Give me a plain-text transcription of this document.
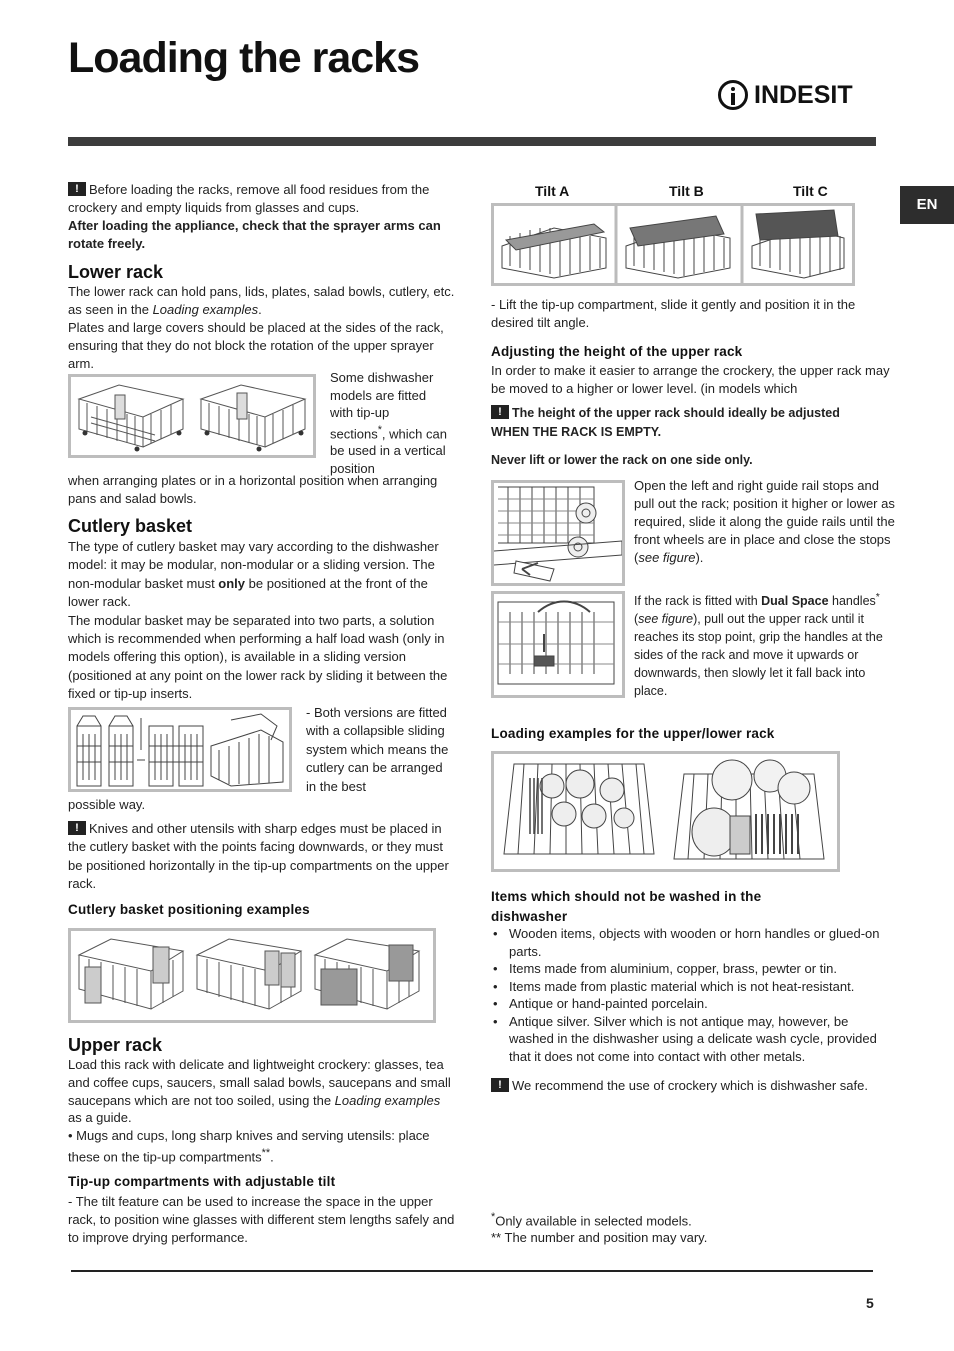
Loading the racks
INDESIT
EN

!Before loading the racks, remove all food residues from the crockery and empty liquids from glasses and cups.
After loading the appliance, check that the sprayer arms can rotate freely.

Lower rack

The lower rack can hold pans, lids, plates, salad bowls, cutlery, etc. as seen in the Loading examples.
Plates and large covers should be placed at the sides of the rack, ensuring that they do not block the rotation of the upper sprayer arm.

Some dishwasher models are fitted with tip-up sections*, which can be used in a vertical position

when arranging plates or in a horizontal position when arranging pans and salad bowls.

Cutlery basket

The type of cutlery basket may vary according to the dishwasher model: it may be modular, non-modular or a sliding version. The non-modular basket must only be positioned at the front of the lower rack.
The modular basket may be separated into two parts, a solution which is recommended when performing a half load wash (only in models offering this option), is available in a sliding version (positioned at any point on the lower rack by sliding it between the fixed or tip-up inserts.

- Both versions are fitted with a collapsible sliding system which means the cutlery can be arranged in the best

possible way.

!Knives and other utensils with sharp edges must be placed in the cutlery basket with the points facing downwards, or they must be positioned horizontally in the tip-up compartments on the upper rack.

Cutlery basket positioning examples
Upper rack

Load this rack with delicate and lightweight crockery: glasses, tea and coffee cups, saucers, small salad bowls, saucepans and small saucepans which are not too soiled, using the Loading examples as a guide.
• Mugs and cups, long sharp knives and serving utensils: place these on the tip-up compartments**.

Tip-up compartments with adjustable tilt

- The tilt feature can be used to increase the space in the upper rack, to position wine glasses with different stem lengths safely and to improve drying performance.

Tilt A	Tilt B	Tilt C

- Lift the tip-up compartment, slide it gently and position it in the desired tilt angle.

Adjusting the height of the upper rack

In order to make it easier to arrange the crockery, the upper rack may be moved to a higher or lower level. (in models which

!The height of the upper rack should ideally be adjusted
WHEN THE RACK IS EMPTY.

Never lift or lower the rack on one side only.

Open the left and right guide rail stops and pull out the rack; position it higher or lower as required, slide it along the guide rails until the front wheels are in place and close the stops (see figure).

If the rack is fitted with Dual Space handles* (see figure), pull out the upper rack until it reaches its stop point, grip the handles at the sides of the rack and move it upwards or downwards, then slowly let it fall back into place.

Loading examples for the upper/lower rack
Items which should not be washed in the dishwasher
• Wooden items, objects with wooden or horn handles or glued-on parts.
• Items made from aluminium, copper, brass, pewter or tin.
• Items made from plastic material which is not heat-resistant.
• Antique or hand-painted porcelain.
• Antique silver. Silver which is not antique may, however, be washed in the dishwasher using a delicate wash cycle, provided that it does not come into contact with other metals.

!We recommend the use of crockery which is dishwasher safe.

*Only available in selected models.

** The number and position may vary.

5
